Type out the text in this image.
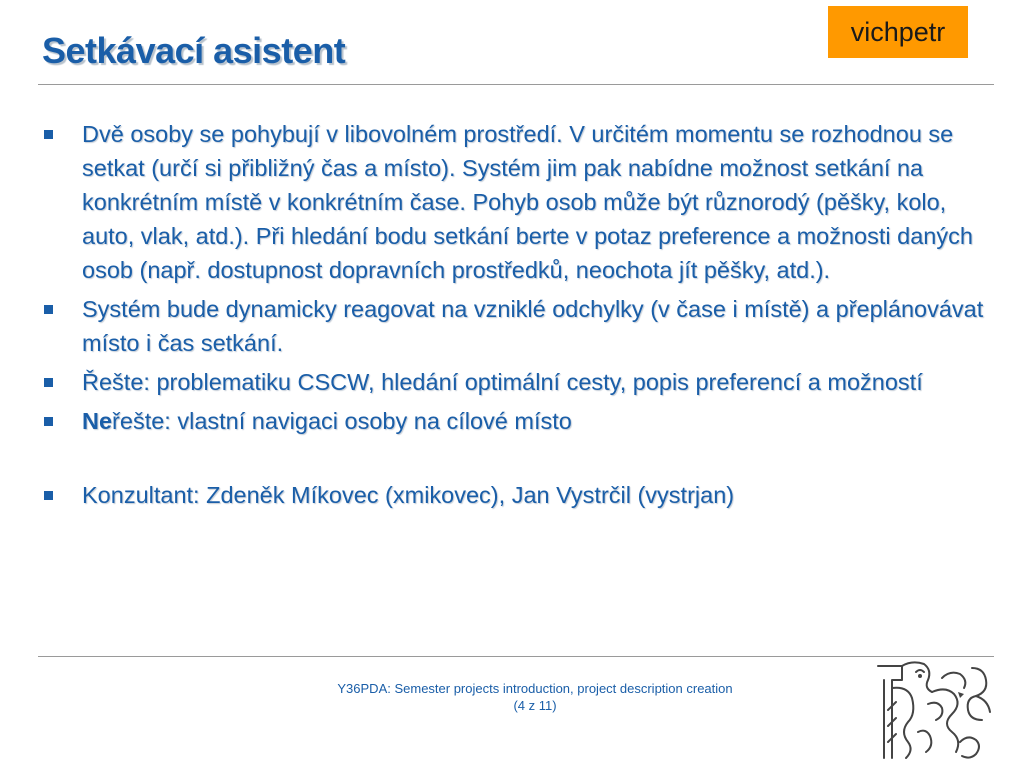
Setkávací asistent	vichpetr
Dvě osoby se pohybují v libovolném prostředí. V určitém momentu se rozhodnou se setkat (určí si přibližný čas a místo). Systém jim pak nabídne možnost setkání na konkrétním místě v konkrétním čase. Pohyb osob může být různorodý (pěšky, kolo, auto, vlak, atd.). Při hledání bodu setkání berte v potaz preference a možnosti daných osob (např. dostupnost dopravních prostředků, neochota jít pěšky, atd.).
Systém bude dynamicky reagovat na vzniklé odchylky (v čase i místě) a přeplánovávat místo i čas setkání.
Řešte: problematiku CSCW, hledání optimální cesty, popis preferencí a možností
Neřešte: vlastní navigaci osoby na cílové místo
Konzultant: Zdeněk Míkovec (xmikovec), Jan Vystrčil (vystrjan)
Y36PDA: Semester projects introduction, project description creation
(4 z 11)
